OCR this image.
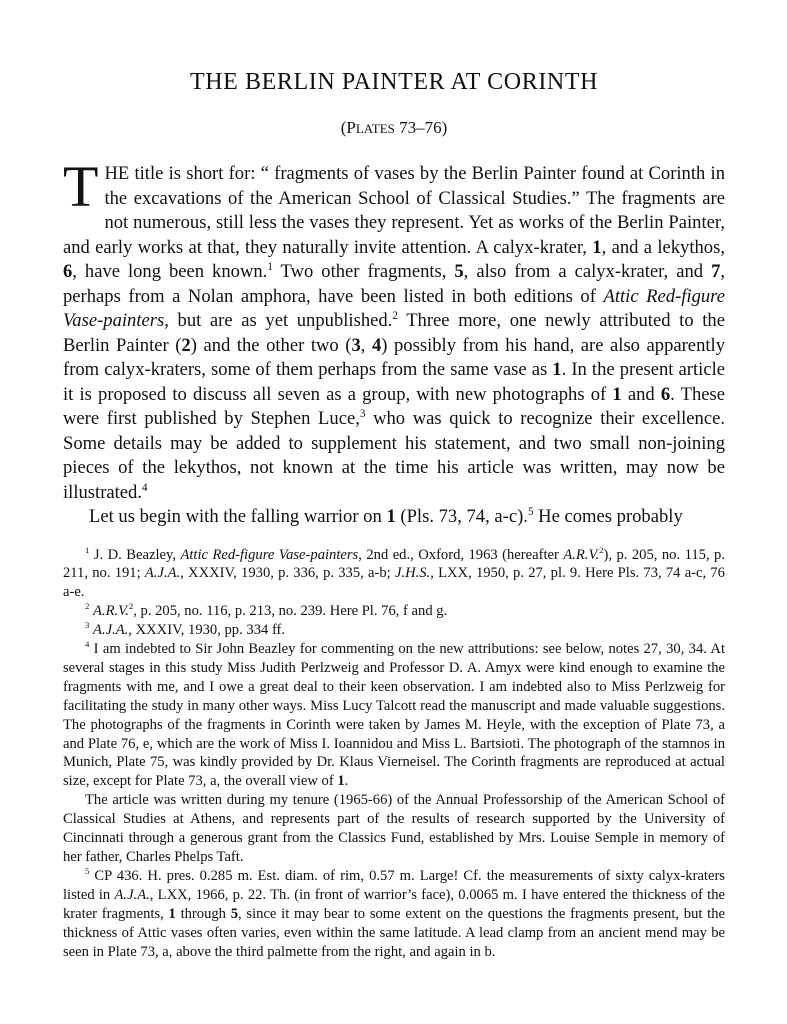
THE BERLIN PAINTER AT CORINTH
(PLATES 73–76)

THE title is short for: “ fragments of vases by the Berlin Painter found at Corinth in the excavations of the American School of Classical Studies.” The fragments are not numerous, still less the vases they represent. Yet as works of the Berlin Painter, and early works at that, they naturally invite attention. A calyx-krater, 1, and a lekythos, 6, have long been known.$^1$ Two other fragments, 5, also from a calyx-krater, and 7, perhaps from a Nolan amphora, have been listed in both editions of Attic Red-figure Vase-painters, but are as yet unpublished.$^2$ Three more, one newly attributed to the Berlin Painter (2) and the other two (3, 4) possibly from his hand, are also apparently from calyx-kraters, some of them perhaps from the same vase as 1. In the present article it is proposed to discuss all seven as a group, with new photographs of 1 and 6. These were first published by Stephen Luce,$^3$ who was quick to recognize their excellence. Some details may be added to supplement his statement, and two small non-joining pieces of the lekythos, not known at the time his article was written, may now be illustrated.$^4$

Let us begin with the falling warrior on 1 (Pls. 73, 74, a-c).$^5$ He comes probably

$^1$ J. D. Beazley, Attic Red-figure Vase-painters, 2nd ed., Oxford, 1963 (hereafter A.R.V.$^2$), p. 205, no. 115, p. 211, no. 191; A.J.A., XXXIV, 1930, p. 336, p. 335, a-b; J.H.S., LXX, 1950, p. 27, pl. 9. Here Pls. 73, 74 a-c, 76 a-e.

$^2$ A.R.V.$^2$, p. 205, no. 116, p. 213, no. 239. Here Pl. 76, f and g.

$^3$ A.J.A., XXXIV, 1930, pp. 334 ff.

$^4$ I am indebted to Sir John Beazley for commenting on the new attributions: see below, notes 27, 30, 34. At several stages in this study Miss Judith Perlzweig and Professor D. A. Amyx were kind enough to examine the fragments with me, and I owe a great deal to their keen observation. I am indebted also to Miss Perlzweig for facilitating the study in many other ways. Miss Lucy Talcott read the manuscript and made valuable suggestions. The photographs of the fragments in Corinth were taken by James M. Heyle, with the exception of Plate 73, a and Plate 76, e, which are the work of Miss I. Ioannidou and Miss L. Bartsioti. The photograph of the stamnos in Munich, Plate 75, was kindly provided by Dr. Klaus Vierneisel. The Corinth fragments are reproduced at actual size, except for Plate 73, a, the overall view of 1.

The article was written during my tenure (1965-66) of the Annual Professorship of the American School of Classical Studies at Athens, and represents part of the results of research supported by the University of Cincinnati through a generous grant from the Classics Fund, established by Mrs. Louise Semple in memory of her father, Charles Phelps Taft.

$^5$ CP 436. H. pres. 0.285 m. Est. diam. of rim, 0.57 m. Large! Cf. the measurements of sixty calyx-kraters listed in A.J.A., LXX, 1966, p. 22. Th. (in front of warrior’s face), 0.0065 m. I have entered the thickness of the krater fragments, 1 through 5, since it may bear to some extent on the questions the fragments present, but the thickness of Attic vases often varies, even within the same latitude. A lead clamp from an ancient mend may be seen in Plate 73, a, above the third palmette from the right, and again in b.
